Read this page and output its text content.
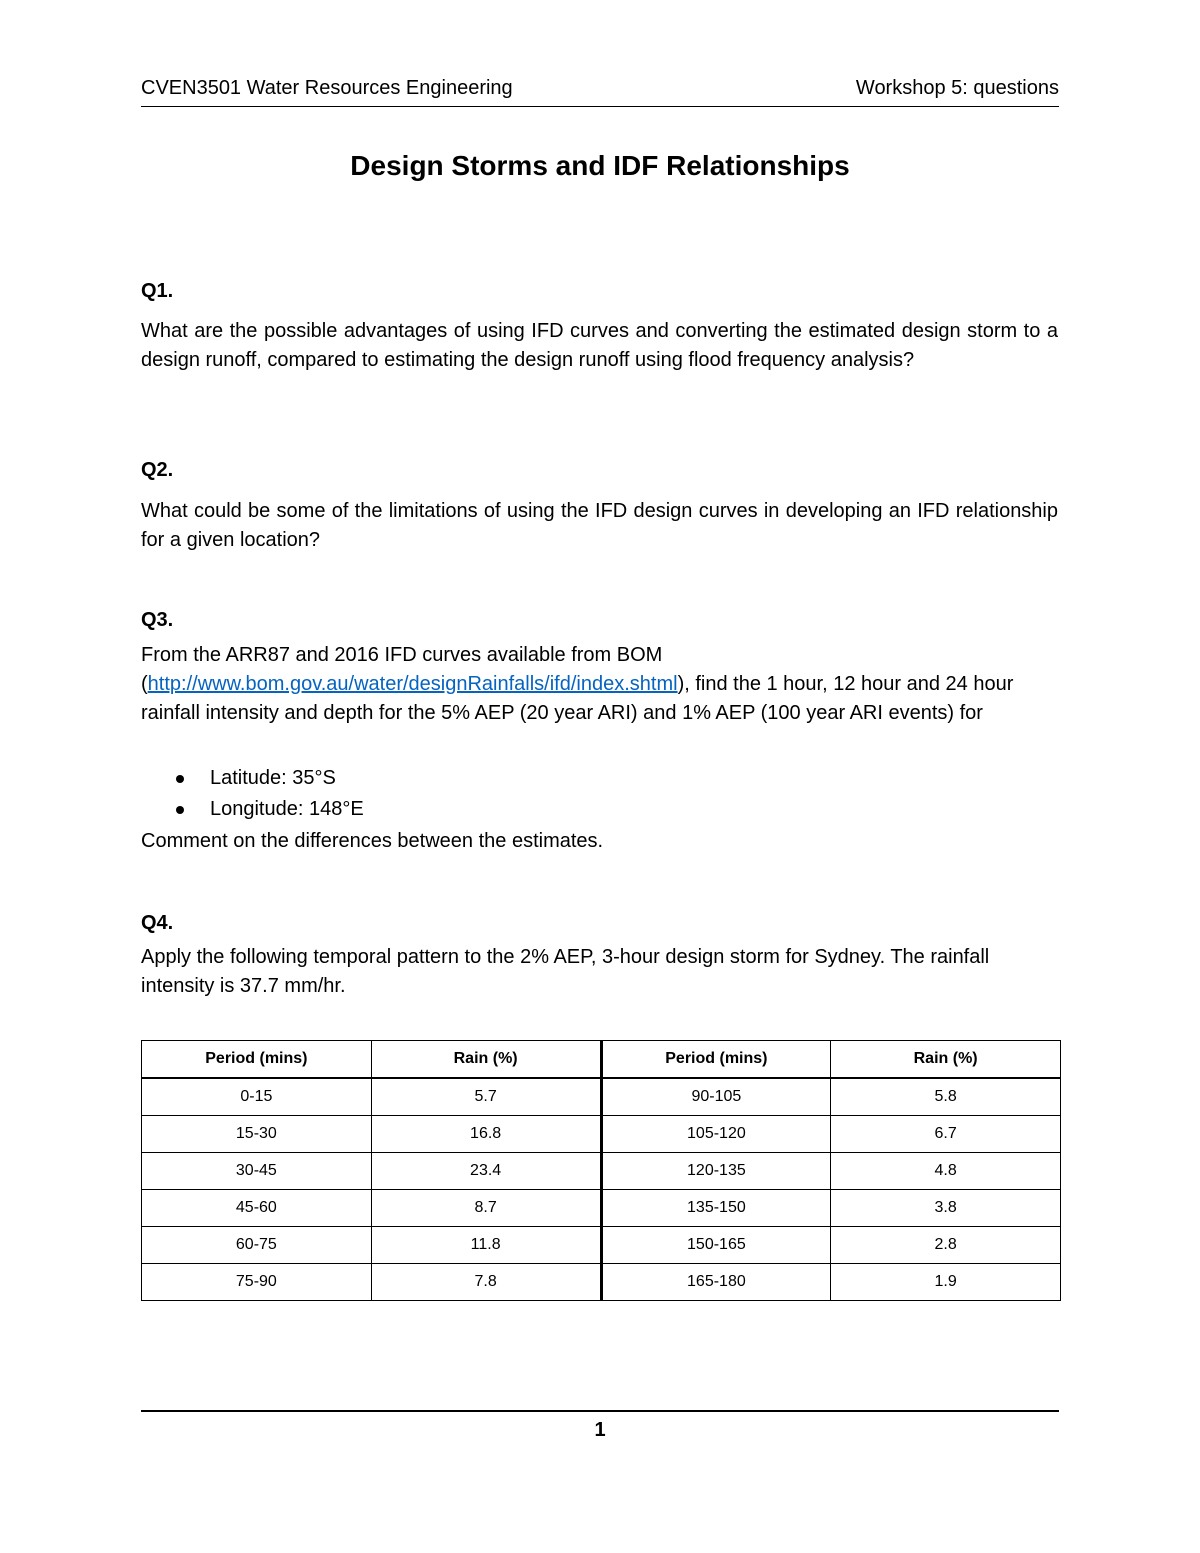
CVEN3501 Water Resources Engineering	Workshop 5: questions
Design Storms and IDF Relationships
Q1.
What are the possible advantages of using IFD curves and converting the estimated design storm to a design runoff, compared to estimating the design runoff using flood frequency analysis?
Q2.
What could be some of the limitations of using the IFD design curves in developing an IFD relationship for a given location?
Q3.
From the ARR87 and 2016 IFD curves available from BOM
(http://www.bom.gov.au/water/designRainfalls/ifd/index.shtml), find the 1 hour, 12 hour and 24 hour rainfall intensity and depth for the 5% AEP (20 year ARI) and 1% AEP (100 year ARI events) for
Latitude: 35°S
Longitude: 148°E
Comment on the differences between the estimates.
Q4.
Apply the following temporal pattern to the 2% AEP, 3-hour design storm for Sydney. The rainfall intensity is 37.7 mm/hr.
Period (mins)	Rain (%)	Period (mins)	Rain (%)
0-15	5.7	90-105	5.8
15-30	16.8	105-120	6.7
30-45	23.4	120-135	4.8
45-60	8.7	135-150	3.8
60-75	11.8	150-165	2.8
75-90	7.8	165-180	1.9
1
